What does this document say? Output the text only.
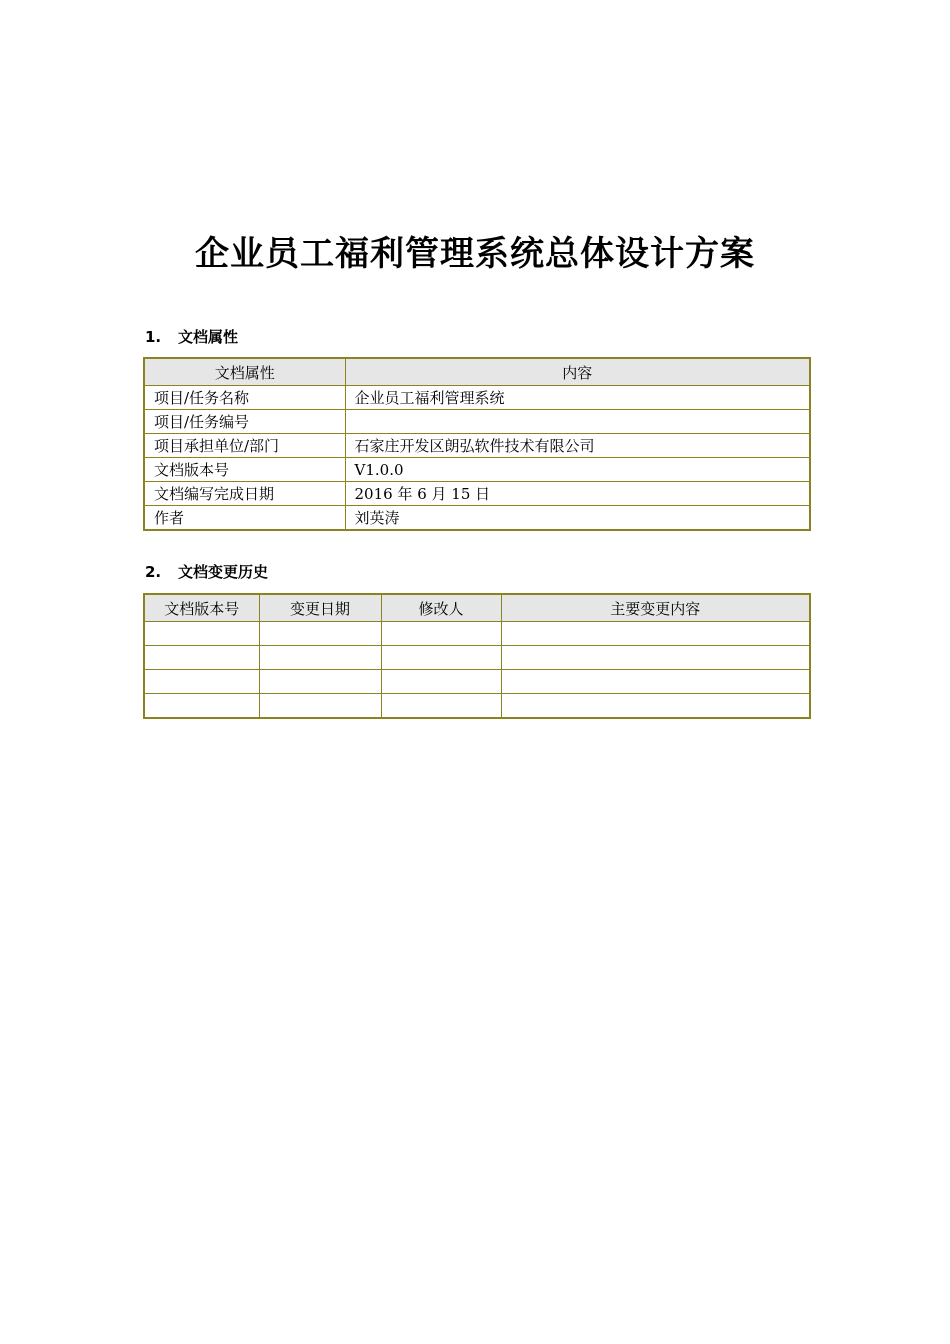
企业员工福利管理系统总体设计方案
1. 文档属性
文档属性	内容
项目/任务名称	企业员工福利管理系统
项目/任务编号	
项目承担单位/部门	石家庄开发区朗弘软件技术有限公司
文档版本号	V1.0.0
文档编写完成日期	2016 年 6 月 15 日
作者	刘英涛
2. 文档变更历史
文档版本号	变更日期	修改人	主要变更内容
